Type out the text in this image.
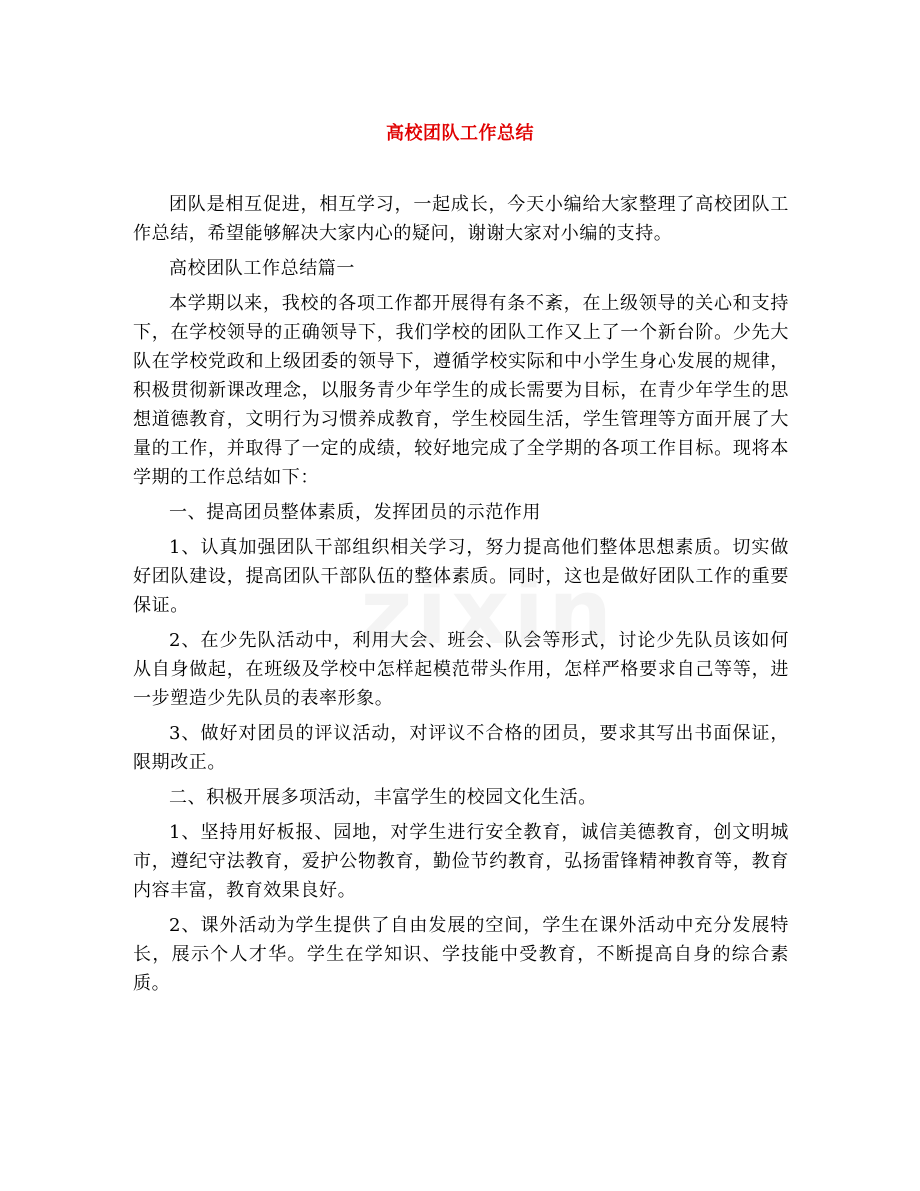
高校团队工作总结

团队是相互促进，相互学习，一起成长，今天小编给大家整理了高校团队工作总结，希望能够解决大家内心的疑问，谢谢大家对小编的支持。

高校团队工作总结篇一

本学期以来，我校的各项工作都开展得有条不紊，在上级领导的关心和支持下，在学校领导的正确领导下，我们学校的团队工作又上了一个新台阶。少先大队在学校党政和上级团委的领导下，遵循学校实际和中小学生身心发展的规律，积极贯彻新课改理念，以服务青少年学生的成长需要为目标，在青少年学生的思想道德教育，文明行为习惯养成教育，学生校园生活，学生管理等方面开展了大量的工作，并取得了一定的成绩，较好地完成了全学期的各项工作目标。现将本学期的工作总结如下：

一、提高团员整体素质，发挥团员的示范作用

1、认真加强团队干部组织相关学习，努力提高他们整体思想素质。切实做好团队建设，提高团队干部队伍的整体素质。同时，这也是做好团队工作的重要保证。

2、在少先队活动中，利用大会、班会、队会等形式，讨论少先队员该如何从自身做起，在班级及学校中怎样起模范带头作用，怎样严格要求自己等等，进一步塑造少先队员的表率形象。

3、做好对团员的评议活动，对评议不合格的团员，要求其写出书面保证，限期改正。

二、积极开展多项活动，丰富学生的校园文化生活。

1、坚持用好板报、园地，对学生进行安全教育，诚信美德教育，创文明城市，遵纪守法教育，爱护公物教育，勤俭节约教育，弘扬雷锋精神教育等，教育内容丰富，教育效果良好。

2、课外活动为学生提供了自由发展的空间，学生在课外活动中充分发展特长，展示个人才华。学生在学知识、学技能中受教育，不断提高自身的综合素质。
